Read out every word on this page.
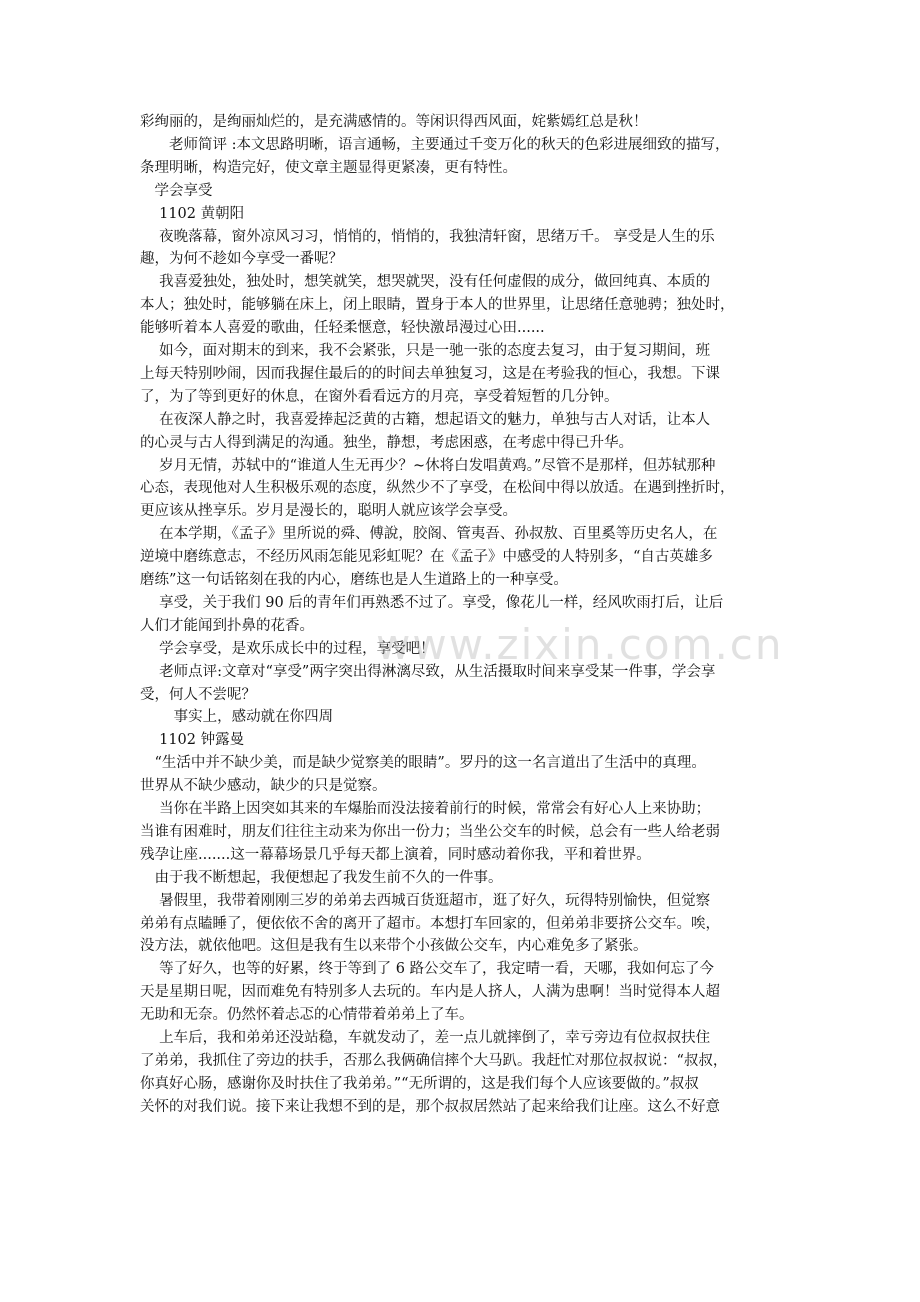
彩绚丽的，是绚丽灿烂的，是充满感情的。等闲识得西风面，姹紫嫣红总是秋！
　　老师简评 :本文思路明晰，语言通畅，主要通过千变万化的秋天的色彩进展细致的描写，
条理明晰，构造完好，使文章主题显得更紧凑，更有特性。
　学会享受
　 1102 黄朝阳
　 夜晚落幕，窗外凉风习习，悄悄的，悄悄的，我独清轩窗，思绪万千。 享受是人生的乐
趣，为何不趁如今享受一番呢？
　 我喜爱独处，独处时，想笑就笑，想哭就哭，没有任何虚假的成分，做回纯真、本质的
本人；独处时，能够躺在床上，闭上眼睛，置身于本人的世界里，让思绪任意驰骋；独处时，
能够听着本人喜爱的歌曲，任轻柔惬意，轻快激昂漫过心田......
　 如今，面对期末的到来，我不会紧张，只是一驰一张的态度去复习，由于复习期间，班
上每天特别吵闹，因而我握住最后的的时间去单独复习，这是在考验我的恒心，我想。下课
了，为了等到更好的休息，在窗外看看远方的月亮，享受着短暂的几分钟。
　 在夜深人静之时，我喜爱捧起泛黄的古籍，想起语文的魅力，单独与古人对话，让本人
的心灵与古人得到满足的沟通。独坐，静想，考虑困惑，在考虑中得已升华。
　 岁月无情，苏轼中的“谁道人生无再少？~休将白发唱黄鸡。”尽管不是那样，但苏轼那种
心态，表现他对人生积极乐观的态度，纵然少不了享受，在松间中得以放适。在遇到挫折时，
更应该从挫享乐。岁月是漫长的，聪明人就应该学会享受。
　 在本学期，《孟子》里所说的舜、傅說，胶阁、管夷吾、孙叔敖、百里奚等历史名人，在
逆境中磨练意志，不经历风雨怎能见彩虹呢？在《孟子》中感受的人特别多，“自古英雄多
磨练”这一句话铭刻在我的内心，磨练也是人生道路上的一种享受。
　 享受，关于我们 90 后的青年们再熟悉不过了。享受，像花儿一样，经风吹雨打后，让后
人们才能闻到扑鼻的花香。
　 学会享受，是欢乐成长中的过程，享受吧！
　 老师点评:文章对“享受”两字突出得淋漓尽致，从生活摄取时间来享受某一件事，学会享
受，何人不尝呢？
　　 事实上，感动就在你四周
　 1102 钟露曼
　“生活中并不缺少美，而是缺少觉察美的眼睛”。罗丹的这一名言道出了生活中的真理。
世界从不缺少感动，缺少的只是觉察。
　 当你在半路上因突如其来的车爆胎而没法接着前行的时候，常常会有好心人上来协助；
当谁有困难时，朋友们往往主动来为你出一份力；当坐公交车的时候，总会有一些人给老弱
残孕让座.......这一幕幕场景几乎每天都上演着，同时感动着你我，平和着世界。
　由于我不断想起，我便想起了我发生前不久的一件事。
　 暑假里，我带着刚刚三岁的弟弟去西城百货逛超市，逛了好久，玩得特别愉快，但觉察
弟弟有点瞌睡了，便依依不舍的离开了超市。本想打车回家的，但弟弟非要挤公交车。唉，
没方法，就依他吧。这但是我有生以来带个小孩做公交车，内心难免多了紧张。
　 等了好久，也等的好累，终于等到了 6 路公交车了，我定晴一看，天哪，我如何忘了今
天是星期日呢，因而难免有特别多人去玩的。车内是人挤人，人满为患啊！当时觉得本人超
无助和无奈。仍然怀着忐忑的心情带着弟弟上了车。
　 上车后，我和弟弟还没站稳，车就发动了，差一点儿就摔倒了，幸亏旁边有位叔叔扶住
了弟弟，我抓住了旁边的扶手，否那么我俩确信摔个大马趴。我赶忙对那位叔叔说：“叔叔，
你真好心肠，感谢你及时扶住了我弟弟。”“无所谓的，这是我们每个人应该要做的。”叔叔
关怀的对我们说。接下来让我想不到的是，那个叔叔居然站了起来给我们让座。这么不好意
www.zixin.com.cn
